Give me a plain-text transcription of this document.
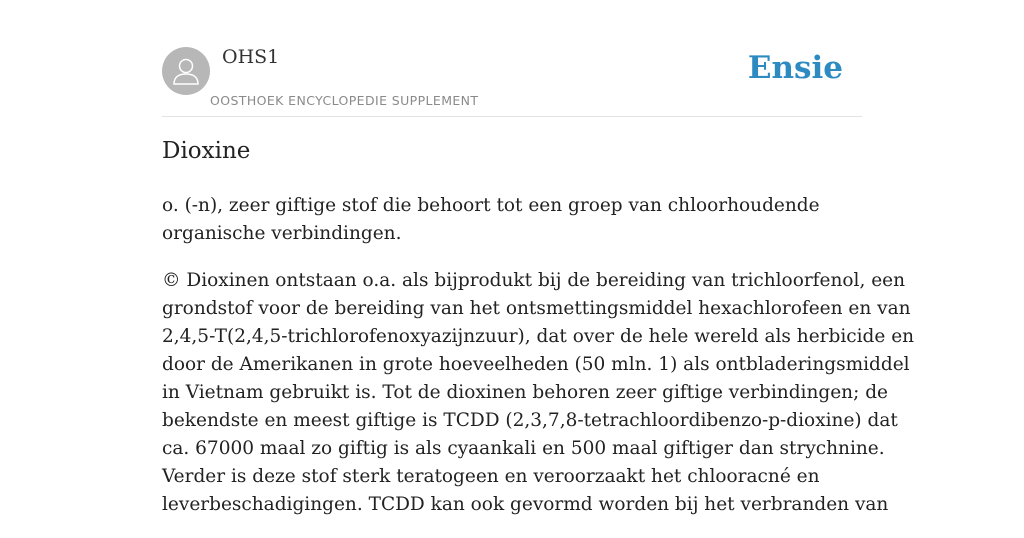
OHS1
OOSTHOEK ENCYCLOPEDIE SUPPLEMENT
Ensie
Dioxine

o. (-n), zeer giftige stof die behoort tot een groep van chloorhoudende
organische verbindingen.

© Dioxinen ontstaan o.a. als bijprodukt bij de bereiding van trichloorfenol, een
grondstof voor de bereiding van het ontsmettingsmiddel hexachlorofeen en van
2,4,5-T(2,4,5-trichlorofenoxyazijnzuur), dat over de hele wereld als herbicide en
door de Amerikanen in grote hoeveelheden (50 mln. 1) als ontbladeringsmiddel
in Vietnam gebruikt is. Tot de dioxinen behoren zeer giftige verbindingen; de
bekendste en meest giftige is TCDD (2,3,7,8-tetrachloordibenzo-p-dioxine) dat
ca. 67000 maal zo giftig is als cyaankali en 500 maal giftiger dan strychnine.
Verder is deze stof sterk teratogeen en veroorzaakt het chlooracné en
leverbeschadigingen. TCDD kan ook gevormd worden bij het verbranden van
